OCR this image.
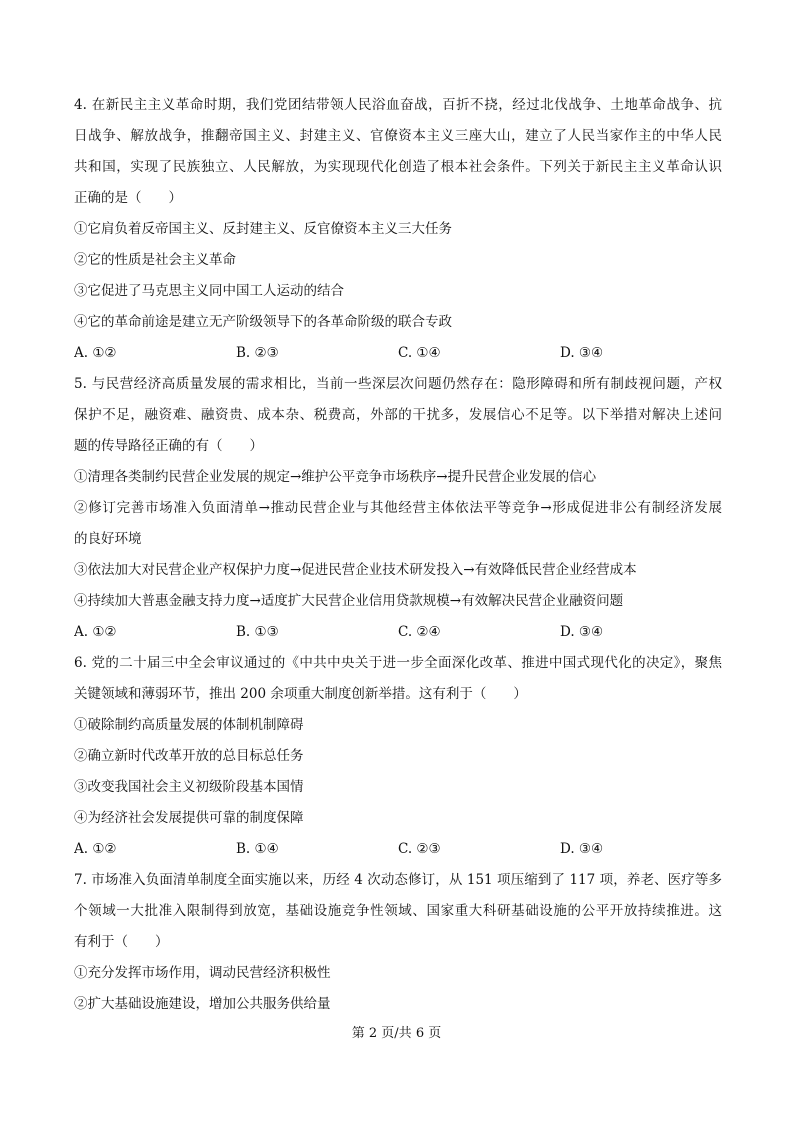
4. 在新民主主义革命时期，我们党团结带领人民浴血奋战，百折不挠，经过北伐战争、土地革命战争、抗
日战争、解放战争，推翻帝国主义、封建主义、官僚资本主义三座大山，建立了人民当家作主的中华人民
共和国，实现了民族独立、人民解放，为实现现代化创造了根本社会条件。下列关于新民主主义革命认识
正确的是（　　）
①它肩负着反帝国主义、反封建主义、反官僚资本主义三大任务
②它的性质是社会主义革命
③它促进了马克思主义同中国工人运动的结合
④它的革命前途是建立无产阶级领导下的各革命阶级的联合专政
A. ①②	B. ②③	C. ①④	D. ③④
5. 与民营经济高质量发展的需求相比，当前一些深层次问题仍然存在：隐形障碍和所有制歧视问题，产权
保护不足，融资难、融资贵、成本杂、税费高，外部的干扰多，发展信心不足等。以下举措对解决上述问
题的传导路径正确的有（　　）
①清理各类制约民营企业发展的规定→维护公平竞争市场秩序→提升民营企业发展的信心
②修订完善市场准入负面清单→推动民营企业与其他经营主体依法平等竞争→形成促进非公有制经济发展
的良好环境
③依法加大对民营企业产权保护力度→促进民营企业技术研发投入→有效降低民营企业经营成本
④持续加大普惠金融支持力度→适度扩大民营企业信用贷款规模→有效解决民营企业融资问题
A. ①②	B. ①③	C. ②④	D. ③④
6. 党的二十届三中全会审议通过的《中共中央关于进一步全面深化改革、推进中国式现代化的决定》，聚焦
关键领域和薄弱环节，推出 200 余项重大制度创新举措。这有利于（　　）
①破除制约高质量发展的体制机制障碍
②确立新时代改革开放的总目标总任务
③改变我国社会主义初级阶段基本国情
④为经济社会发展提供可靠的制度保障
A. ①②	B. ①④	C. ②③	D. ③④
7. 市场准入负面清单制度全面实施以来，历经 4 次动态修订，从 151 项压缩到了 117 项，养老、医疗等多
个领域一大批准入限制得到放宽，基础设施竞争性领域、国家重大科研基础设施的公平开放持续推进。这
有利于（　　）
①充分发挥市场作用，调动民营经济积极性
②扩大基础设施建设，增加公共服务供给量
第 2 页/共 6 页
